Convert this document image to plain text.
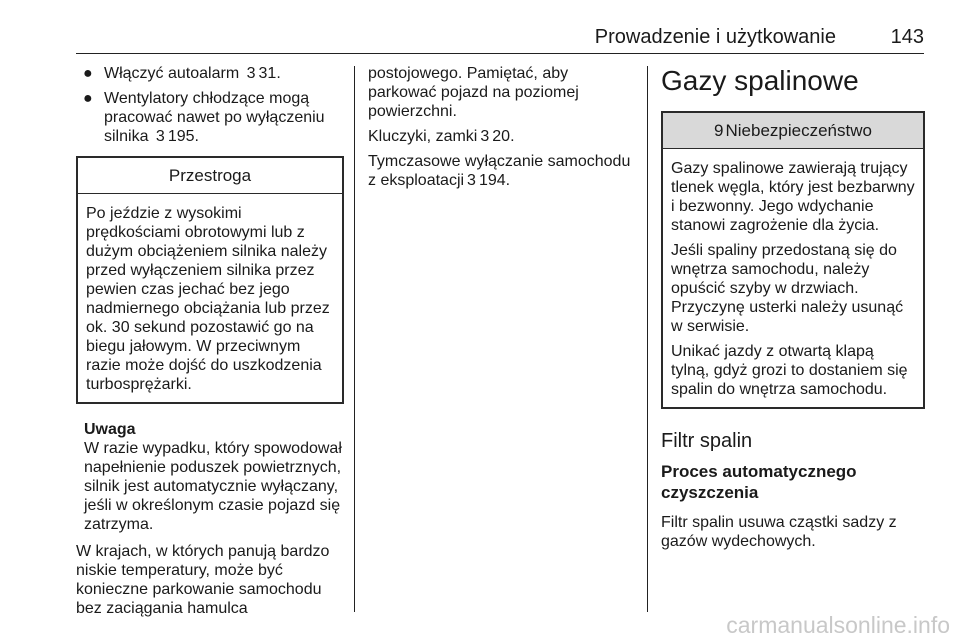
Prowadzenie i użytkowanie	143
● Włączyć autoalarm 3 31.
● Wentylatory chłodzące mogą pracować nawet po wyłączeniu silnika 3 195.
Przestroga

Po jeździe z wysokimi prędkościami obrotowymi lub z dużym obciążeniem silnika należy przed wyłączeniem silnika przez pewien czas jechać bez jego nadmiernego obciążania lub przez ok. 30 sekund pozostawić go na biegu jałowym. W przeciwnym razie może dojść do uszkodzenia turbosprężarki.

Uwaga
W razie wypadku, który spowodował napełnienie poduszek powietrznych, silnik jest automatycznie wyłączany, jeśli w określonym czasie pojazd się zatrzyma.

W krajach, w których panują bardzo niskie temperatury, może być konieczne parkowanie samochodu bez zaciągania hamulca

postojowego. Pamiętać, aby parkować pojazd na poziomej powierzchni.

Kluczyki, zamki 3 20.

Tymczasowe wyłączanie samochodu z eksploatacji 3 194.

Gazy spalinowe
9 Niebezpieczeństwo

Gazy spalinowe zawierają trujący tlenek węgla, który jest bezbarwny i bezwonny. Jego wdychanie stanowi zagrożenie dla życia.

Jeśli spaliny przedostaną się do wnętrza samochodu, należy opuścić szyby w drzwiach. Przyczynę usterki należy usunąć w serwisie.

Unikać jazdy z otwartą klapą tylną, gdyż grozi to dostaniem się spalin do wnętrza samochodu.

Filtr spalin
Proces automatycznego czyszczenia

Filtr spalin usuwa cząstki sadzy z gazów wydechowych.

carmanualsonline.info
